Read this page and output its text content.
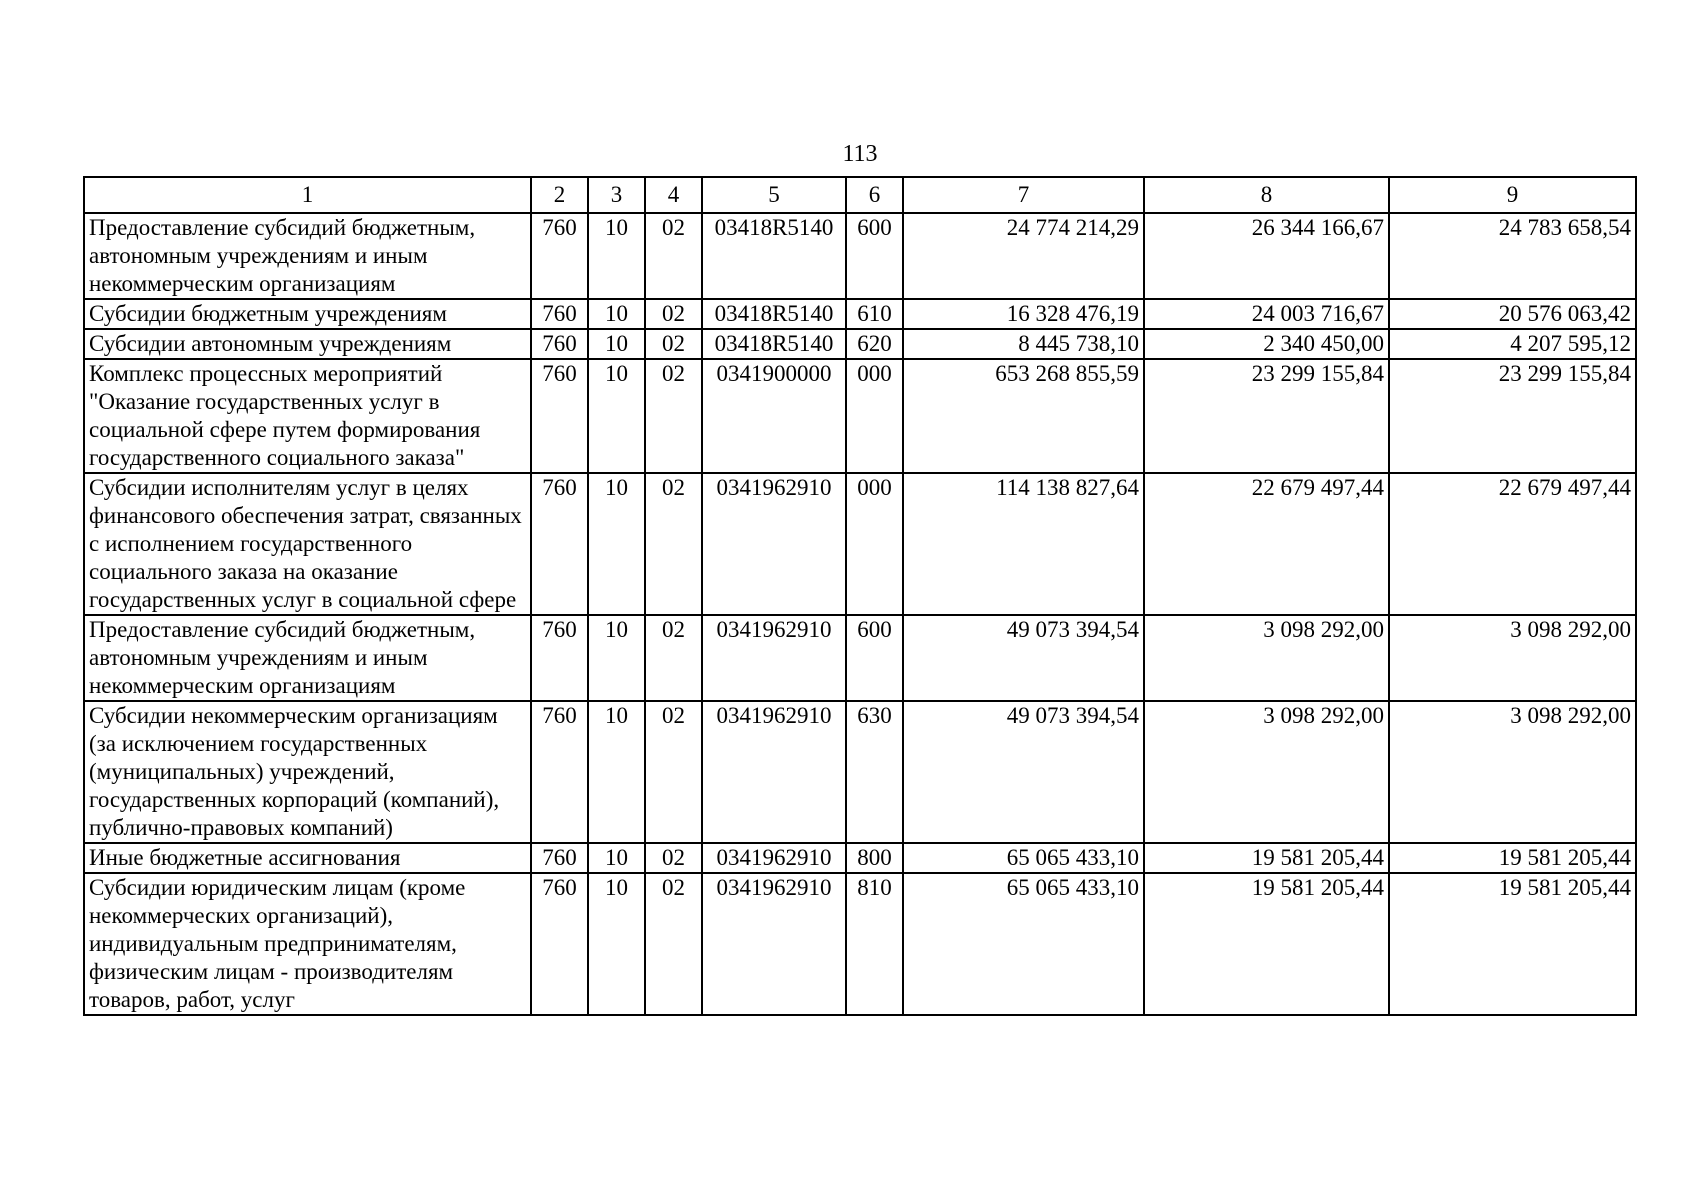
113
1	2	3	4	5	6	7	8	9
Предоставление субсидий бюджетным, автономным учреждениям и иным некоммерческим организациям	760	10	02	03418R5140	600	24 774 214,29	26 344 166,67	24 783 658,54
Субсидии бюджетным учреждениям	760	10	02	03418R5140	610	16 328 476,19	24 003 716,67	20 576 063,42
Субсидии автономным учреждениям	760	10	02	03418R5140	620	8 445 738,10	2 340 450,00	4 207 595,12
Комплекс процессных мероприятий "Оказание государственных услуг в социальной сфере путем формирования государственного социального заказа"	760	10	02	0341900000	000	653 268 855,59	23 299 155,84	23 299 155,84
Субсидии исполнителям услуг в целях финансового обеспечения затрат, связанных с исполнением государственного социального заказа на оказание государственных услуг в социальной сфере	760	10	02	0341962910	000	114 138 827,64	22 679 497,44	22 679 497,44
Предоставление субсидий бюджетным, автономным учреждениям и иным некоммерческим организациям	760	10	02	0341962910	600	49 073 394,54	3 098 292,00	3 098 292,00
Субсидии некоммерческим организациям (за исключением государственных (муниципальных) учреждений, государственных корпораций (компаний), публично-правовых компаний)	760	10	02	0341962910	630	49 073 394,54	3 098 292,00	3 098 292,00
Иные бюджетные ассигнования	760	10	02	0341962910	800	65 065 433,10	19 581 205,44	19 581 205,44
Субсидии юридическим лицам (кроме некоммерческих организаций), индивидуальным предпринимателям, физическим лицам - производителям товаров, работ, услуг	760	10	02	0341962910	810	65 065 433,10	19 581 205,44	19 581 205,44
